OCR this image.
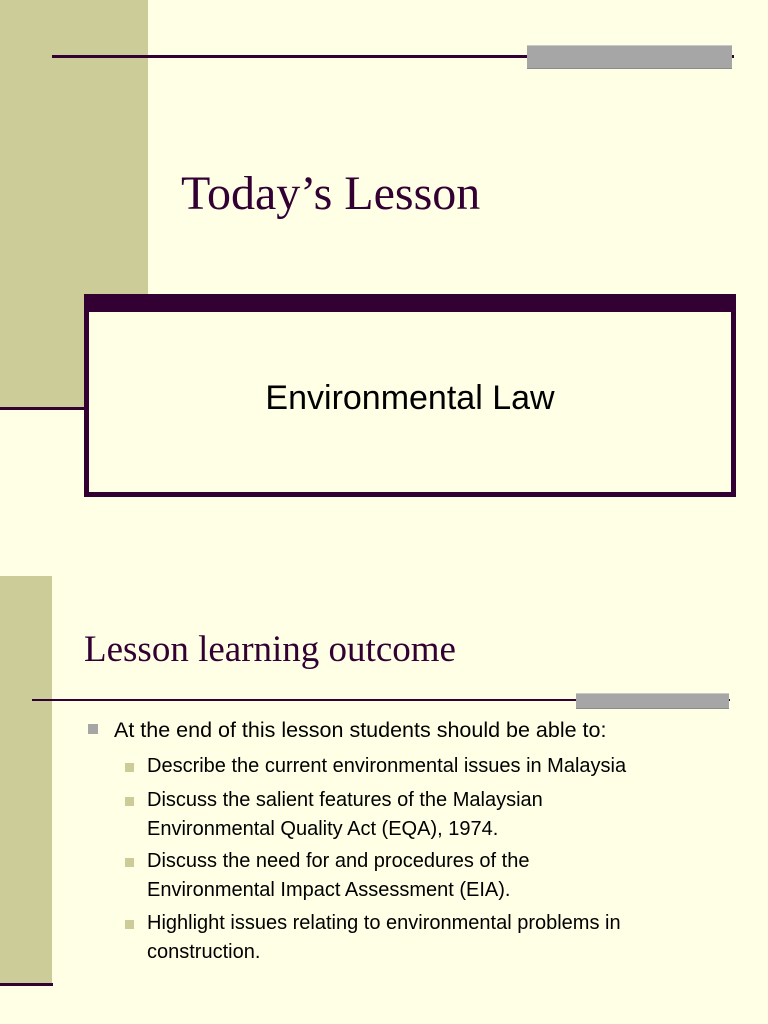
Today’s Lesson
Environmental Law
Lesson learning outcome
At the end of this lesson students should be able to:
Describe the current environmental issues in Malaysia
Discuss the salient features of the Malaysian
Environmental Quality Act (EQA), 1974.
Discuss the need for and procedures of the
Environmental Impact Assessment (EIA).
Highlight issues relating to environmental problems in
construction.
